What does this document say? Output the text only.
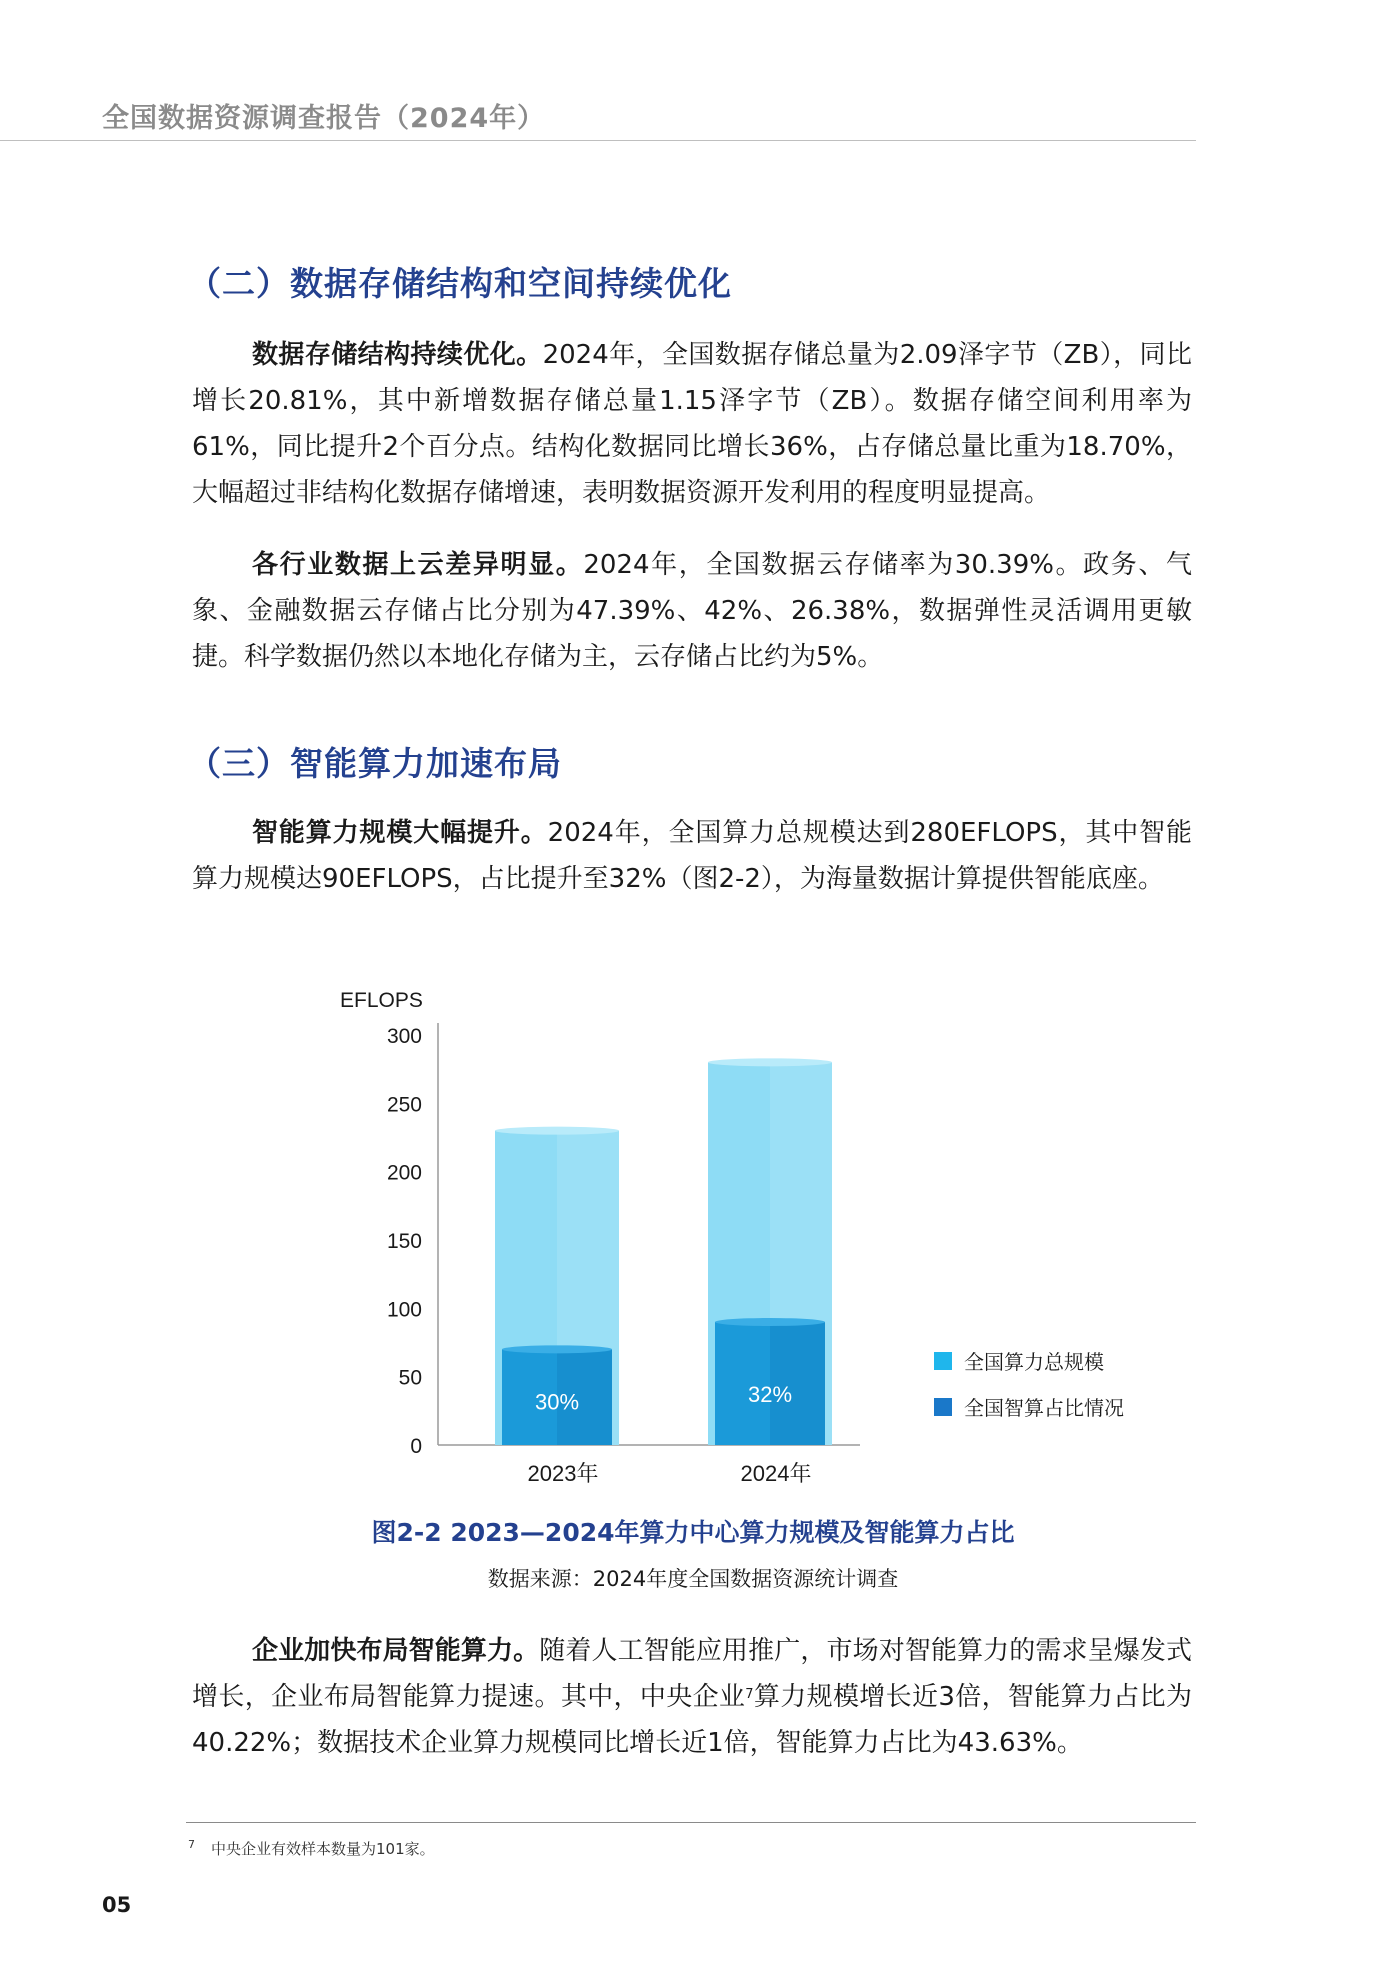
全国数据资源调查报告（2024年）
（二）数据存储结构和空间持续优化

数据存储结构持续优化。2024年，全国数据存储总量为2.09泽字节（ZB），同比增长20.81%，其中新增数据存储总量1.15泽字节（ZB）。数据存储空间利用率为61%，同比提升2个百分点。结构化数据同比增长36%，占存储总量比重为18.70%，大幅超过非结构化数据存储增速，表明数据资源开发利用的程度明显提高。

各行业数据上云差异明显。2024年，全国数据云存储率为30.39%。政务、气象、金融数据云存储占比分别为47.39%、42%、26.38%，数据弹性灵活调用更敏捷。科学数据仍然以本地化存储为主，云存储占比约为5%。

（三）智能算力加速布局

智能算力规模大幅提升。2024年，全国算力总规模达到280EFLOPS，其中智能算力规模达90EFLOPS，占比提升至32%（图2-2），为海量数据计算提供智能底座。

EFLOPS
0
50
100
150
200
250
300
30%
2023年
32%
2024年
全国算力总规模
全国智算占比情况
图2-2 2023—2024年算力中心算力规模及智能算力占比
数据来源：2024年度全国数据资源统计调查

企业加快布局智能算力。随着人工智能应用推广，市场对智能算力的需求呈爆发式增长，企业布局智能算力提速。其中，中央企业$^7$算力规模增长近3倍，智能算力占比为40.22%；数据技术企业算力规模同比增长近1倍，智能算力占比为43.63%。

$^7$ 中央企业有效样本数量为101家。
05
